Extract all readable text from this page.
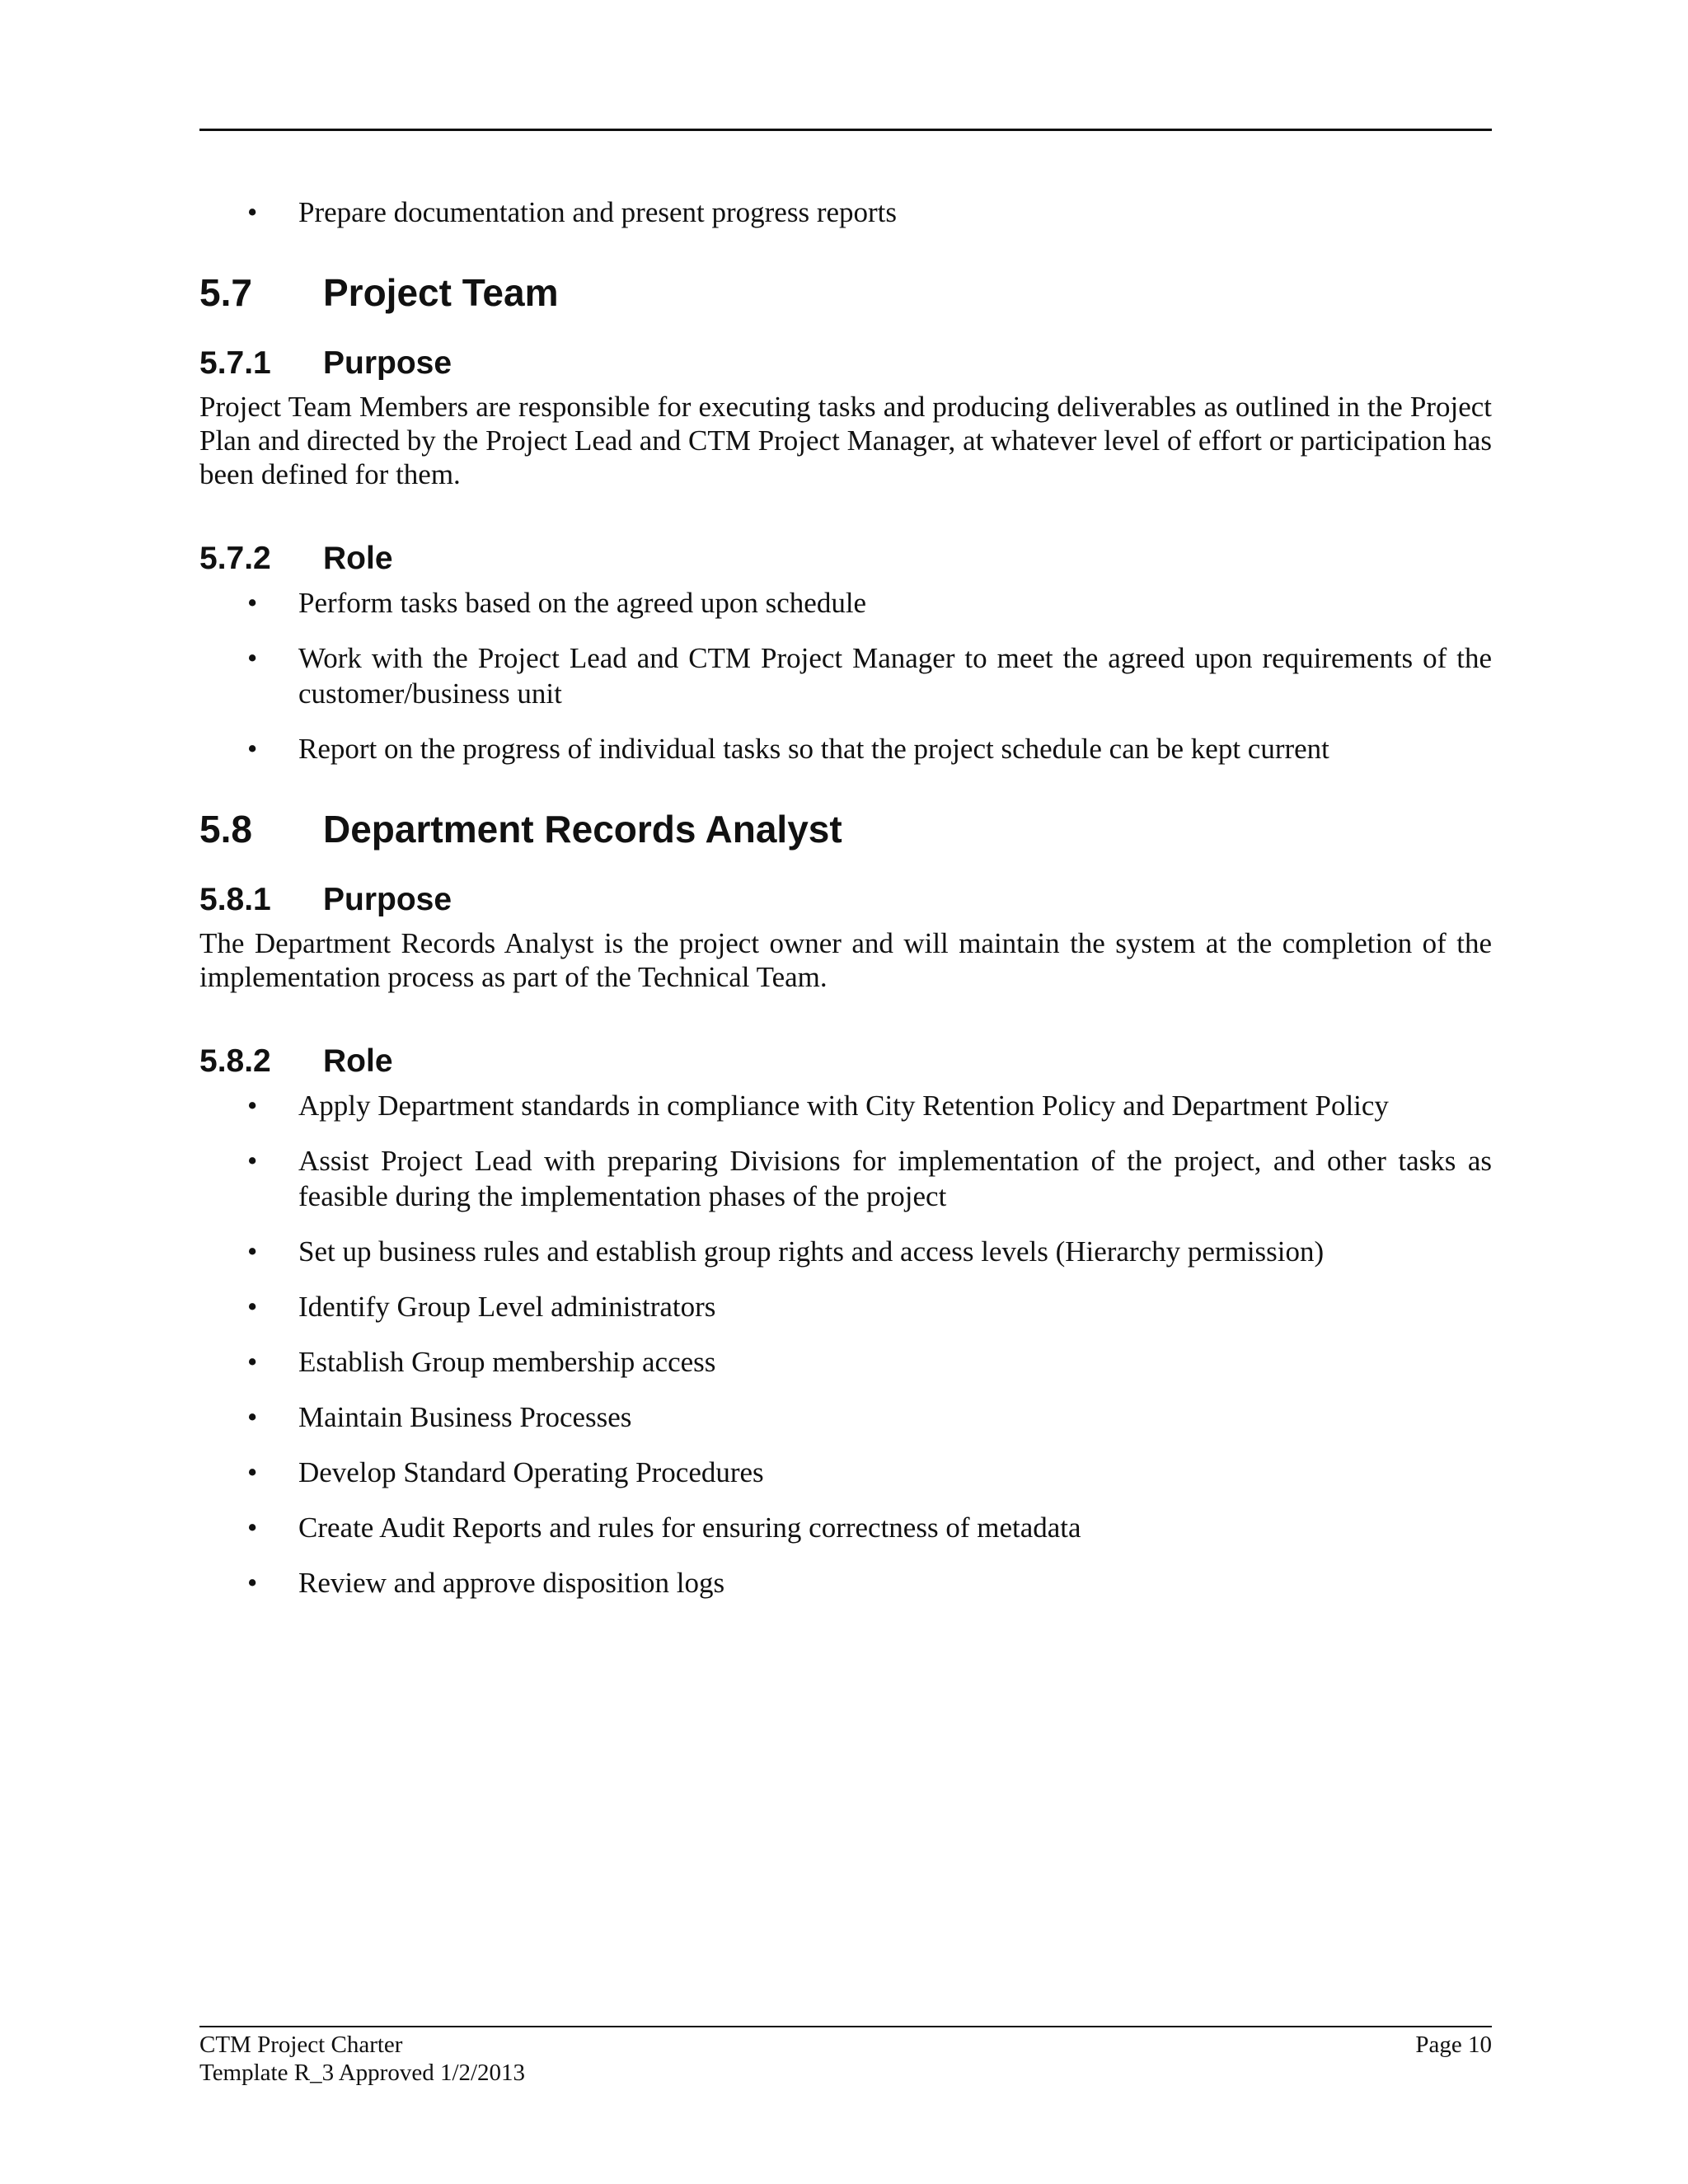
• Prepare documentation and present progress reports
5.7	Project Team
5.7.1	Purpose

Project Team Members are responsible for executing tasks and producing deliverables as outlined in the Project Plan and directed by the Project Lead and CTM Project Manager, at whatever level of effort or participation has been defined for them.

5.7.2	Role
• Perform tasks based on the agreed upon schedule
• Work with the Project Lead and CTM Project Manager to meet the agreed upon requirements of the customer/business unit
• Report on the progress of individual tasks so that the project schedule can be kept current
5.8	Department Records Analyst
5.8.1	Purpose

The Department Records Analyst is the project owner and will maintain the system at the completion of the implementation process as part of the Technical Team.

5.8.2	Role
• Apply Department standards in compliance with City Retention Policy and Department Policy
• Assist Project Lead with preparing Divisions for implementation of the project, and other tasks as feasible during the implementation phases of the project
• Set up business rules and establish group rights and access levels (Hierarchy permission)
• Identify Group Level administrators
• Establish Group membership access
• Maintain Business Processes
• Develop Standard Operating Procedures
• Create Audit Reports and rules for ensuring correctness of metadata
• Review and approve disposition logs
CTM Project Charter
Template R_3 Approved 1/2/2013
Page 10
